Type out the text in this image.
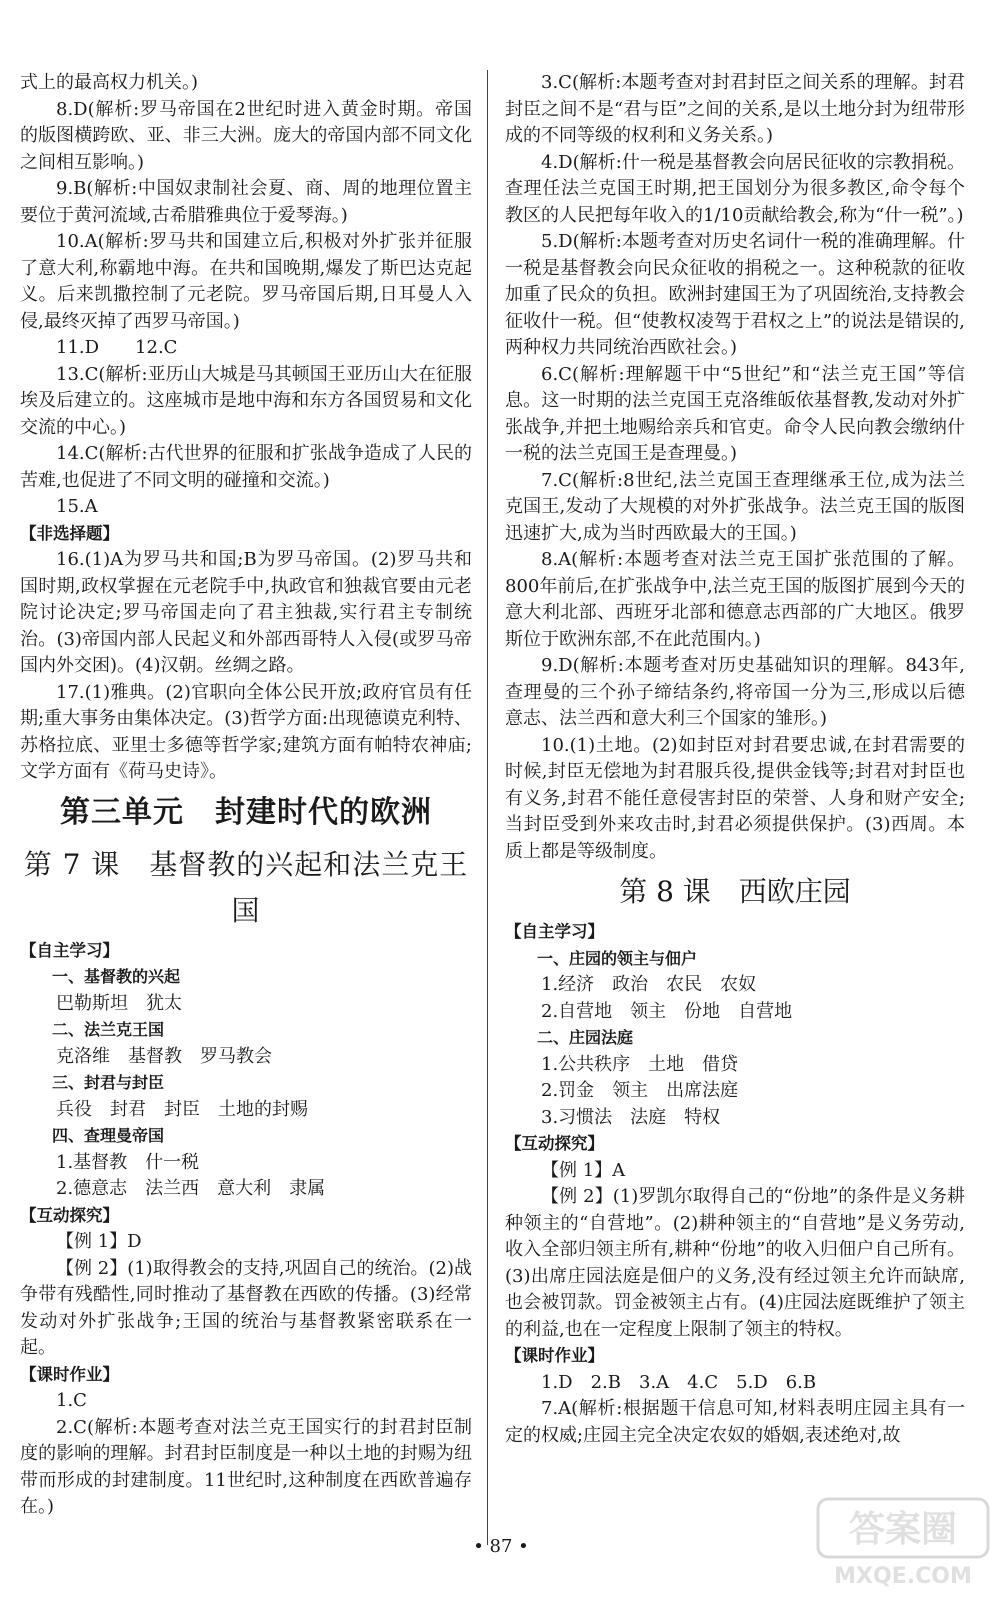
式上的最高权力机关。)

8.D(解析:罗马帝国在2世纪时进入黄金时期。帝国的版图横跨欧、亚、非三大洲。庞大的帝国内部不同文化之间相互影响。)

9.B(解析:中国奴隶制社会夏、商、周的地理位置主要位于黄河流域,古希腊雅典位于爱琴海。)

10.A(解析:罗马共和国建立后,积极对外扩张并征服了意大利,称霸地中海。在共和国晚期,爆发了斯巴达克起义。后来凯撒控制了元老院。罗马帝国后期,日耳曼人入侵,最终灭掉了西罗马帝国。)

11.D　　12.C

13.C(解析:亚历山大城是马其顿国王亚历山大在征服埃及后建立的。这座城市是地中海和东方各国贸易和文化交流的中心。)

14.C(解析:古代世界的征服和扩张战争造成了人民的苦难,也促进了不同文明的碰撞和交流。)

15.A

【非选择题】

16.(1)A为罗马共和国;B为罗马帝国。(2)罗马共和国时期,政权掌握在元老院手中,执政官和独裁官要由元老院讨论决定;罗马帝国走向了君主独裁,实行君主专制统治。(3)帝国内部人民起义和外部西哥特人入侵(或罗马帝国内外交困)。(4)汉朝。丝绸之路。

17.(1)雅典。(2)官职向全体公民开放;政府官员有任期;重大事务由集体决定。(3)哲学方面:出现德谟克利特、苏格拉底、亚里士多德等哲学家;建筑方面有帕特农神庙;文学方面有《荷马史诗》。

第三单元　封建时代的欧洲
第 7 课　基督教的兴起和法兰克王国

【自主学习】

一、基督教的兴起

巴勒斯坦　犹太

二、法兰克王国

克洛维　基督教　罗马教会

三、封君与封臣

兵役　封君　封臣　土地的封赐

四、查理曼帝国

1.基督教　什一税

2.德意志　法兰西　意大利　隶属

【互动探究】

【例 1】D

【例 2】(1)取得教会的支持,巩固自己的统治。(2)战争带有残酷性,同时推动了基督教在西欧的传播。(3)经常发动对外扩张战争;王国的统治与基督教紧密联系在一起。

【课时作业】

1.C

2.C(解析:本题考查对法兰克王国实行的封君封臣制度的影响的理解。封君封臣制度是一种以土地的封赐为纽带而形成的封建制度。11世纪时,这种制度在西欧普遍存在。)

3.C(解析:本题考查对封君封臣之间关系的理解。封君封臣之间不是“君与臣”之间的关系,是以土地分封为纽带形成的不同等级的权利和义务关系。)

4.D(解析:什一税是基督教会向居民征收的宗教捐税。查理任法兰克国王时期,把王国划分为很多教区,命令每个教区的人民把每年收入的1/10贡献给教会,称为“什一税”。)

5.D(解析:本题考查对历史名词什一税的准确理解。什一税是基督教会向民众征收的捐税之一。这种税款的征收加重了民众的负担。欧洲封建国王为了巩固统治,支持教会征收什一税。但“使教权凌驾于君权之上”的说法是错误的,两种权力共同统治西欧社会。)

6.C(解析:理解题干中“5世纪”和“法兰克王国”等信息。这一时期的法兰克国王克洛维皈依基督教,发动对外扩张战争,并把土地赐给亲兵和官吏。命令人民向教会缴纳什一税的法兰克国王是查理曼。)

7.C(解析:8世纪,法兰克国王查理继承王位,成为法兰克国王,发动了大规模的对外扩张战争。法兰克王国的版图迅速扩大,成为当时西欧最大的王国。)

8.A(解析:本题考查对法兰克王国扩张范围的了解。800年前后,在扩张战争中,法兰克王国的版图扩展到今天的意大利北部、西班牙北部和德意志西部的广大地区。俄罗斯位于欧洲东部,不在此范围内。)

9.D(解析:本题考查对历史基础知识的理解。843年,查理曼的三个孙子缔结条约,将帝国一分为三,形成以后德意志、法兰西和意大利三个国家的雏形。)

10.(1)土地。(2)如封臣对封君要忠诚,在封君需要的时候,封臣无偿地为封君服兵役,提供金钱等;封君对封臣也有义务,封君不能任意侵害封臣的荣誉、人身和财产安全;当封臣受到外来攻击时,封君必须提供保护。(3)西周。本质上都是等级制度。

第 8 课　西欧庄园

【自主学习】

一、庄园的领主与佃户

1.经济　政治　农民　农奴

2.自营地　领主　份地　自营地

二、庄园法庭

1.公共秩序　土地　借贷

2.罚金　领主　出席法庭

3.习惯法　法庭　特权

【互动探究】

【例 1】A

【例 2】(1)罗凯尔取得自己的“份地”的条件是义务耕种领主的“自营地”。(2)耕种领主的“自营地”是义务劳动,收入全部归领主所有,耕种“份地”的收入归佃户自己所有。(3)出席庄园法庭是佃户的义务,没有经过领主允许而缺席,也会被罚款。罚金被领主占有。(4)庄园法庭既维护了领主的利益,也在一定程度上限制了领主的特权。

【课时作业】

1.D　2.B　3.A　4.C　5.D　6.B

7.A(解析:根据题干信息可知,材料表明庄园主具有一定的权威;庄园主完全决定农奴的婚姻,表述绝对,故

• 87 •	答案圈
MXQE.COM
